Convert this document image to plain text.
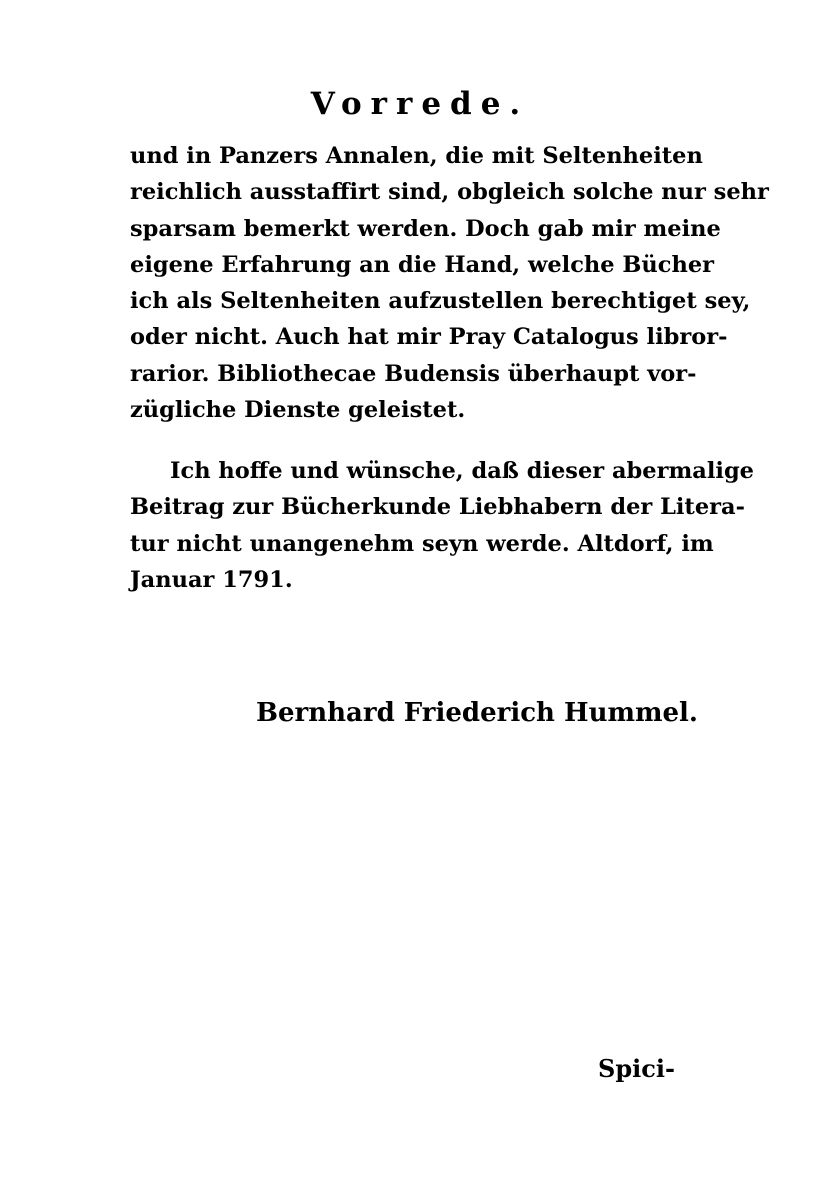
Vorrede.
und in Panzers Annalen, die mit Seltenheiten
reichlich ausstaffirt sind, obgleich solche nur sehr
sparsam bemerkt werden. Doch gab mir meine
eigene Erfahrung an die Hand, welche Bücher
ich als Seltenheiten aufzustellen berechtiget sey,
oder nicht. Auch hat mir Pray Catalogus libror-
rarior. Bibliothecae Budensis überhaupt vor-
zügliche Dienste geleistet.
Ich hoffe und wünsche, daß dieser abermalige
Beitrag zur Bücherkunde Liebhabern der Litera-
tur nicht unangenehm seyn werde. Altdorf, im
Januar 1791.
Bernhard Friederich Hummel.
Spici-
